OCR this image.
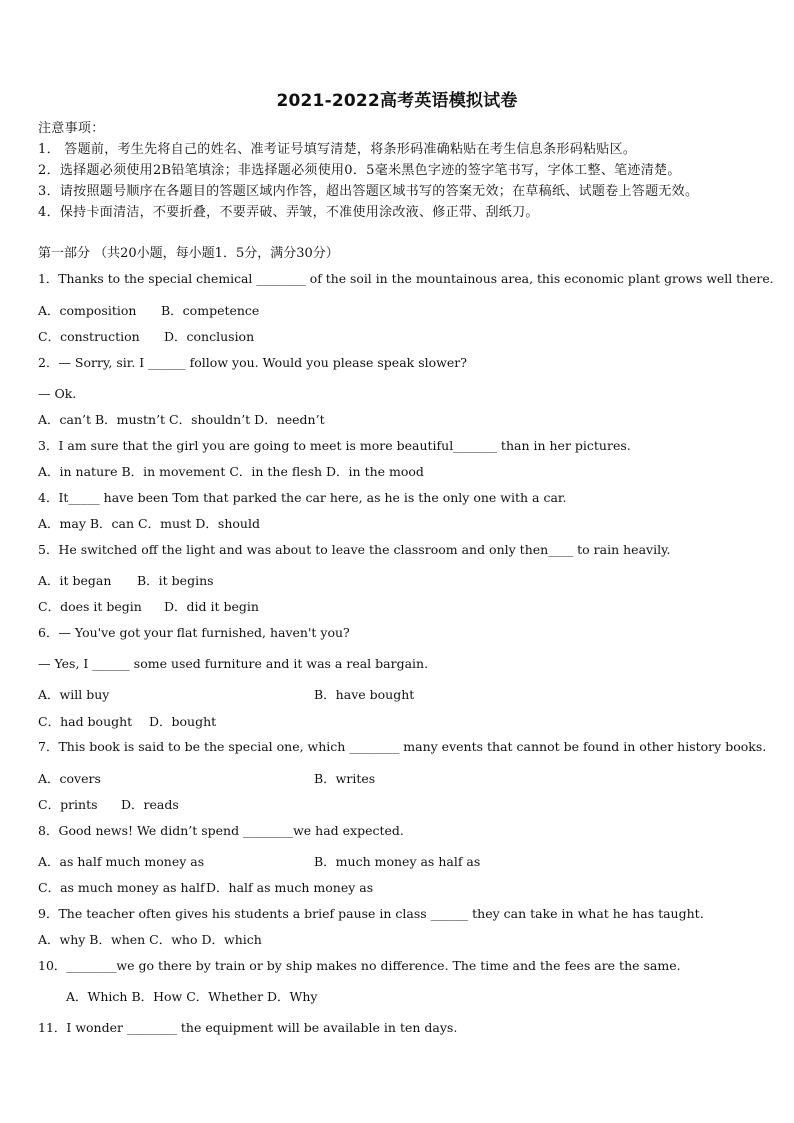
2021-2022高考英语模拟试卷
注意事项：
1． 答题前，考生先将自己的姓名、准考证号填写清楚，将条形码准确粘贴在考生信息条形码粘贴区。
2．选择题必须使用2B铅笔填涂；非选择题必须使用0．5毫米黑色字迹的签字笔书写，字体工整、笔迹清楚。
3．请按照题号顺序在各题目的答题区域内作答，超出答题区域书写的答案无效；在草稿纸、试题卷上答题无效。
4．保持卡面清洁，不要折叠，不要弄破、弄皱，不准使用涂改液、修正带、刮纸刀。
第一部分 （共20小题，每小题1．5分，满分30分）
1．Thanks to the special chemical ________ of the soil in the mountainous area, this economic plant grows well there.
A．composition B．competence
C．construction D．conclusion
2．— Sorry, sir. I ______ follow you. Would you please speak slower?
— Ok.
A．can’t B．mustn’t C．shouldn’t D．needn’t
3．I am sure that the girl you are going to meet is more beautiful_______ than in her pictures.
A．in nature B．in movement C．in the flesh D．in the mood
4．It_____ have been Tom that parked the car here, as he is the only one with a car.
A．may B．can C．must D．should
5．He switched off the light and was about to leave the classroom and only then____ to rain heavily.
A．it began B．it begins
C．does it begin D．did it begin
6．— You've got your flat furnished, haven't you?
— Yes, I ______ some used furniture and it was a real bargain.
A．will buy	B．have bought
C．had bought D．bought
7．This book is said to be the special one, which ________ many events that cannot be found in other history books.
A．covers	B．writes
C．prints D．reads
8．Good news! We didn’t spend ________we had expected.
A．as half much money as	B．much money as half as
C．as much money as half D．half as much money as
9．The teacher often gives his students a brief pause in class ______ they can take in what he has taught.
A．why B．when C．who D．which
10．________we go there by train or by ship makes no difference. The time and the fees are the same.
A．Which B．How C．Whether D．Why
11．I wonder ________ the equipment will be available in ten days.
